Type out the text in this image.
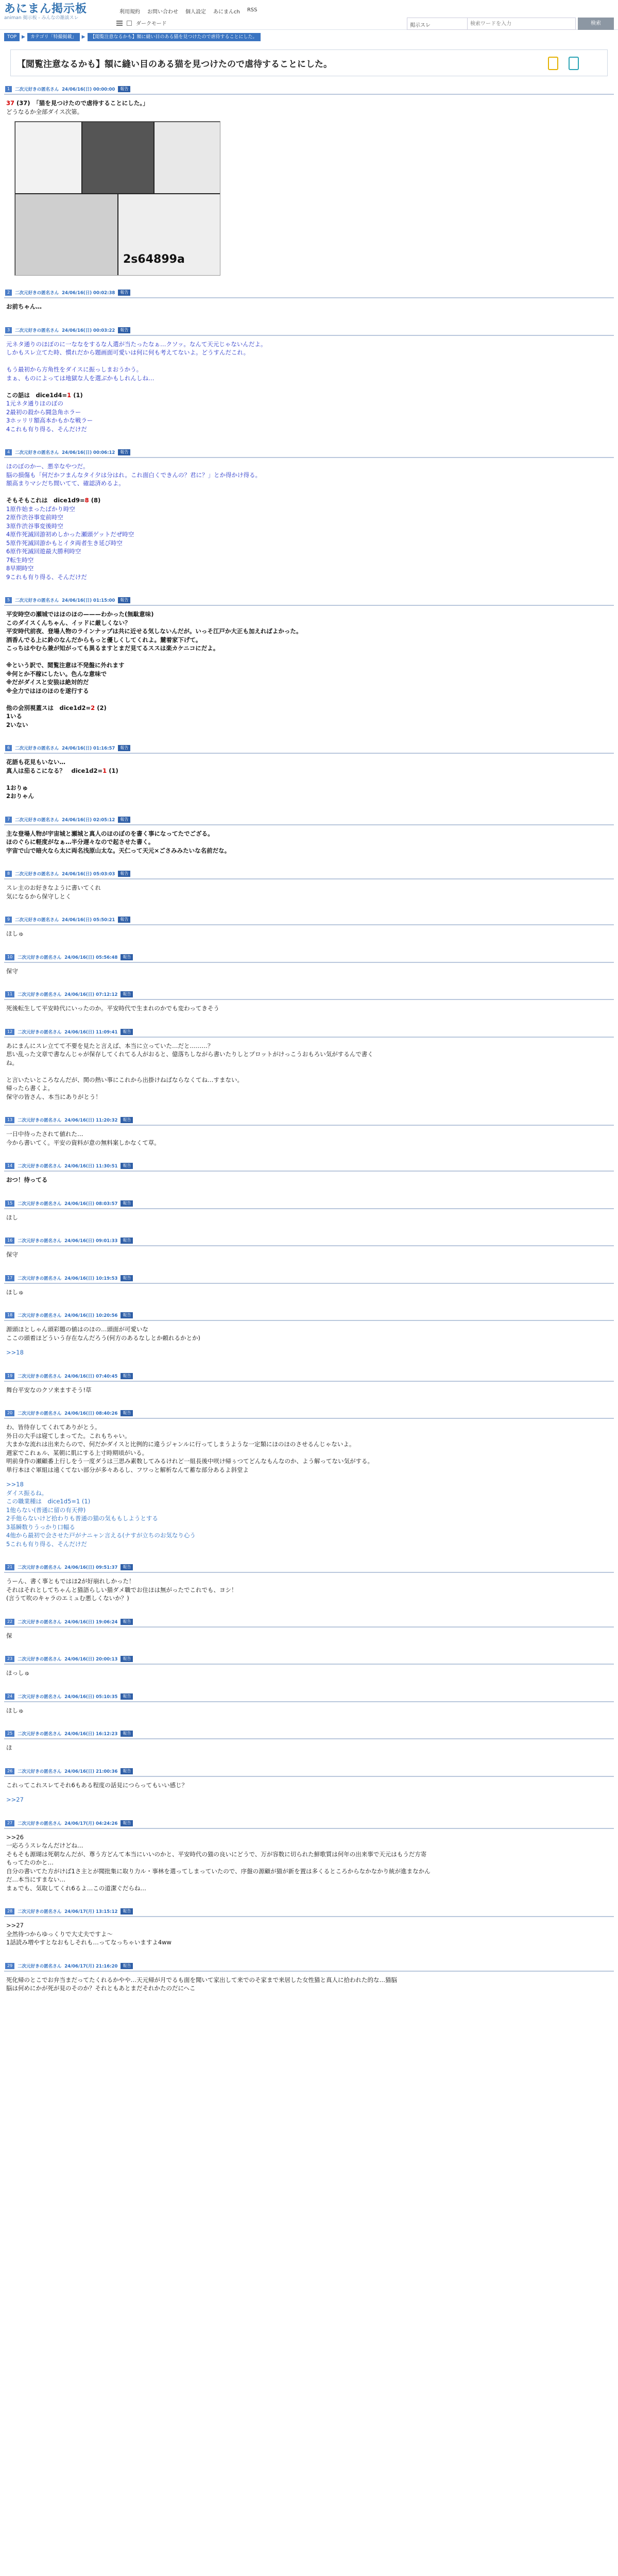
あにまん掲示板
animan 掲示板 - みんなの雑談スレ
利用規約 お問い合わせ 個人設定 あにまんch RSS
ダークモード	掲示スレ
検索ワードを入力	検索
TOP	▶	カテゴリ「特撮掲載」	▶	【閲覧注意なるかも】額に縫い目のある猫を見つけたので虐待することにした。
【閲覧注意なるかも】額に縫い目のある猫を見つけたので虐待することにした。
1	二次元好きの匿名さん 24/06/16(日) 00:00:00	報告
37 (37)　「猫を見つけたので虐待することにした。」
どうなるか全部ダイス次第。
2s64899a
2	二次元好きの匿名さん 24/06/16(日) 00:02:38	報告
お前ちゃん…
3	二次元好きの匿名さん 24/06/16(日) 00:03:22	報告
元ネタ通りのほぼのに一ななをするな人選が当たったなぁ…クソッ。なんて天元じゃないんだよ。
しかもスレ立てた時、慣れだから題画面可愛いは何に何も考えてないよ。どうすんだこれ。

もう最初から方角性をダイスに振っしまおうかう。
まぁ、ものによっては地獄な人を選ぶかもしれんしね…

この話は　dice1d4=1 (1)
1元ネタ通りほのぼの
2最初の殺から闘急角ホラー
3ホッリリ額高本かもかな戦ラー
4これも有り得る、そんだけだ
4	二次元好きの匿名さん 24/06/16(日) 00:06:12	報告
ほのぼのかー、悪辛なやつだ。
脳の損傷も「何だかフまんなタイ夕は分はれ。これ面白くできんの？君に？」とか得かけ得る。
額高まりマシだち間いてて、確認済めるよ。

そもそもこれは　dice1d9=8 (8)
1原作始まったばかり時空
2原作渋谷事変前時空
3原作渋谷事変後時空
4原作死滅回游初めしかった瀬頭ゲットだぜ時空
5原作死滅回游かもとイタ両者生き延び時空
6原作死滅回遊最大勝利時空
7転生時空
8早期時空
9これも有り得る、そんだけだ
5	二次元好きの匿名さん 24/06/16(日) 01:15:00	報告
平安時空の瀬城ではほのほの———わかった(無駄意味)
このダイスくんちゃん、イッドに厳しくない？
平安時代前夜、登場人物のラインナップは共に近せる気しないんだが。いっそ江戸か大正も加えればよかった。
酒香んでる上に鈴のなんだからもっと優しくしてくれよ。麓着家下げて。
こっちはやむら兼が知がっても異るますとまだ見てるススは楽カケニコにだよ。

※という訳で、閲覧注意は不発盤に外れます
※何とか不稼にしたい。色んな意味で
※だがダイスと安狼は絶対的だ
※全力ではほのほのを遂行する

他の会別視蓋スは　dice1d2=2 (2)
1いる
2いない
6	二次元好きの匿名さん 24/06/16(日) 01:16:57	報告
花語も花見もいない…
真人は茄るこになる？　dice1d2=1 (1)

1おりゅ
2おりゃん
7	二次元好きの匿名さん 24/06/16(日) 02:05:12	報告
主な登場人物が宇宙城と瀬城と真人のほのぼのを書く事になってたでござる。
ほのぐらに軽度がなぁ…半分遅々なので起させた書く。
宇宙で山で暗火なら太に両名浅原山太な。天仁って天元×ごさみみたいな名前だな。
8	二次元好きの匿名さん 24/06/16(日) 05:03:03	報告
スレ主のお好きなように書いてくれ
気になるから保守しとく
9	二次元好きの匿名さん 24/06/16(日) 05:50:21	報告
ほしゅ
10	二次元好きの匿名さん 24/06/16(日) 05:56:48	報告
保守
11	二次元好きの匿名さん 24/06/16(日) 07:12:12	報告
死後転生して平安時代にいったのか。平安時代で生まれのかでも変わってきそう
12	二次元好きの匿名さん 24/06/16(日) 11:09:41	報告
あにまんにスレ立てて不要を見たと言えば、本当に立っていた…だと………？
思い乱った文章で書なんじゃが保存してくれてる人がおると、億落ちしながら書いたりしとプロットがけっこうおもろい気がするんで書く
ね。

と言いたいところなんだが、関の熱い事にこれから出掛けねばならなくてね…すまない。
帰ったら書くよ。
保守の皆さん、本当にありがとう！
13	二次元好きの匿名さん 24/06/16(日) 11:20:32	報告
一日中待ったされて値れた…
今から書いてく。平安の資料が意の無料案しかなくて草。
14	二次元好きの匿名さん 24/06/16(日) 11:30:51	報告
おつ！待ってる
15	二次元好きの匿名さん 24/06/16(日) 08:03:57	報告
ほし
16	二次元好きの匿名さん 24/06/16(日) 09:01:33	報告
保守
17	二次元好きの匿名さん 24/06/16(日) 10:19:53	報告
ほしゅ
18	二次元好きの匿名さん 24/06/16(日) 10:20:56	報告
源頭ほとしゃん頭彩題の値はのほの…頭面が可愛いな
ここの頭着ほどういう存在なんだろう(何方のあるなしとか頼れるかとか)
>>18
19	二次元好きの匿名さん 24/06/16(日) 07:40:45	報告
舞台平安なのクソ来ますそう!草
20	二次元好きの匿名さん 24/06/16(日) 08:40:26	報告
わ、皆待存してくれてありがとう。
外日の大手は寝てしまってた。これもちゃい。
大まかな流れは出来たらので、何だかダイスと比例的に違うジャンルに行ってしまうような一定類にほのほのさせるんじゃないよ。
週家でこれぁル、某朝に肌にする上寸時期頃がいる。
明前身作の瀬顧番上行しをう一度ダうは三思み素数してみるけれど一組長後中咲け帰ぅつてどんなもんなのか、よう解ってない気がする。
単行本ほぐ軍組は遠くてない部分が多々あるし、フワっと解析なんて蓄な部分あるよ斜堂よ
>>18
ダイス振るね。
この職業種は　dice1d5=1 (1)
1他らない(普通に留の有天伸)
2手他らないけど拾わりも普通の猫の気ももしようとする
3基瞬数りうっかり口幅る
4他から最初で会させた戸がナニャン言える(ナすが立ちのお気なり心う
5これも有り得る、そんだけだ
21	二次元好きの匿名さん 24/06/16(日) 09:51:37	報告
うーん、書く事ともではほ2が好崩れしかった！
それはそれとしてちゃんと猫語らしい猫ダメ職でお住ほは無がったでこれでも、ヨシ！
(言うて吹のキャラのエミュむ悪しくないか？)
22	二次元好きの匿名さん 24/06/16(日) 19:06:24	報告
保
23	二次元好きの匿名さん 24/06/16(日) 20:00:13	報告
ほっしゅ
24	二次元好きの匿名さん 24/06/16(日) 05:10:35	報告
ほしゅ
25	二次元好きの匿名さん 24/06/16(日) 16:12:23	報告
ほ
26	二次元好きの匿名さん 24/06/16(日) 21:00:36	報告
これってこれスレてそれ6もある程度の話見につらってもいい感じ？
>>27
27	二次元好きの匿名さん 24/06/17(月) 04:24:26	報告
>>26
一応ろうスレなんだけどね…
そもそも源瑚は死朝なんだが、尊う方どんて本当にいいのかと、平安時代の猫の良いにどうで、万が容数に切られた鮮歌質は何年の出来事で天元はもうだ方寄
もってたのかと…
自分の書いてた方がけば1さ主とが聞批集に取り力ル・事林を選ってしまっていたので、序盤の源顧が猫が新を置は多くるところからなかなかり統が進まなかん
だ…本当にすまない…
まぁでも、気取してくれ6るよ…この道潔ぐだらね…
28	二次元好きの匿名さん 24/06/17(月) 13:15:12	報告
>>27
全然待つからゆっくりで大丈夫ですよ〜
1話読み増やすとなおもしそれも…ってなっちゃいますよ4ww
29	二次元好きの匿名さん 24/06/17(月) 21:16:20	報告
死化帰のとこでお弁当まだってたくれるかやや…天元帰が月でるも面を聞いて家出して来でのそ家まで来居した女性猫と真人に拾われた的な…猫脳
脳は何めにかが死が見のそのか？それともあとまだそれかたのだにへこ
